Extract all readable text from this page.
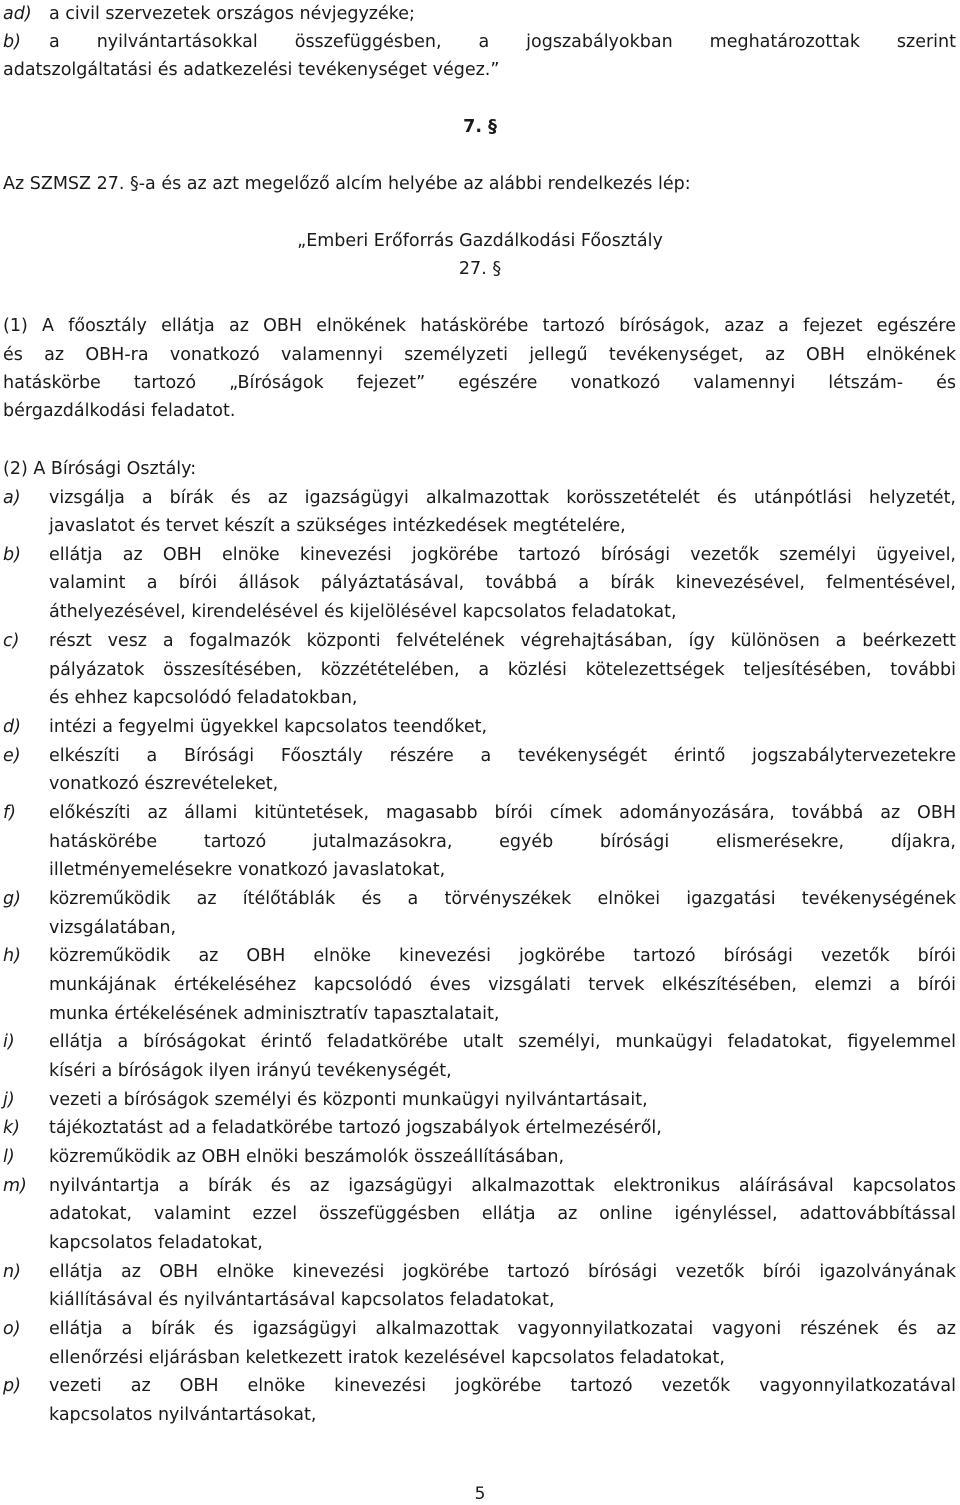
ad) a civil szervezetek országos névjegyzéke;
b) a nyilvántartásokkal összefüggésben, a jogszabályokban meghatározottak szerint
adatszolgáltatási és adatkezelési tevékenységet végez.”
7. §
Az SZMSZ 27. §-a és az azt megelőző alcím helyébe az alábbi rendelkezés lép:
„Emberi Erőforrás Gazdálkodási Főosztály
27. §
(1) A főosztály ellátja az OBH elnökének hatáskörébe tartozó bíróságok, azaz a fejezet egészére
és az OBH-ra vonatkozó valamennyi személyzeti jellegű tevékenységet, az OBH elnökének
hatáskörbe tartozó „Bíróságok fejezet” egészére vonatkozó valamennyi létszám- és
bérgazdálkodási feladatot.
(2) A Bírósági Osztály:
a) vizsgálja a bírák és az igazságügyi alkalmazottak korösszetételét és utánpótlási helyzetét,
javaslatot és tervet készít a szükséges intézkedések megtételére,
b) ellátja az OBH elnöke kinevezési jogkörébe tartozó bírósági vezetők személyi ügyeivel,
valamint a bírói állások pályáztatásával, továbbá a bírák kinevezésével, felmentésével,
áthelyezésével, kirendelésével és kijelölésével kapcsolatos feladatokat,
c) részt vesz a fogalmazók központi felvételének végrehajtásában, így különösen a beérkezett
pályázatok összesítésében, közzétételében, a közlési kötelezettségek teljesítésében, további
és ehhez kapcsolódó feladatokban,
d) intézi a fegyelmi ügyekkel kapcsolatos teendőket,
e) elkészíti a Bírósági Főosztály részére a tevékenységét érintő jogszabálytervezetekre
vonatkozó észrevételeket,
f) előkészíti az állami kitüntetések, magasabb bírói címek adományozására, továbbá az OBH
hatáskörébe tartozó jutalmazásokra, egyéb bírósági elismerésekre, díjakra,
illetményemelésekre vonatkozó javaslatokat,
g) közreműködik az ítélőtáblák és a törvényszékek elnökei igazgatási tevékenységének
vizsgálatában,
h) közreműködik az OBH elnöke kinevezési jogkörébe tartozó bírósági vezetők bírói
munkájának értékeléséhez kapcsolódó éves vizsgálati tervek elkészítésében, elemzi a bírói
munka értékelésének adminisztratív tapasztalatait,
i) ellátja a bíróságokat érintő feladatkörébe utalt személyi, munkaügyi feladatokat, figyelemmel
kíséri a bíróságok ilyen irányú tevékenységét,
j) vezeti a bíróságok személyi és központi munkaügyi nyilvántartásait,
k) tájékoztatást ad a feladatkörébe tartozó jogszabályok értelmezéséről,
l) közreműködik az OBH elnöki beszámolók összeállításában,
m) nyilvántartja a bírák és az igazságügyi alkalmazottak elektronikus aláírásával kapcsolatos
adatokat, valamint ezzel összefüggésben ellátja az online igényléssel, adattovábbítással
kapcsolatos feladatokat,
n) ellátja az OBH elnöke kinevezési jogkörébe tartozó bírósági vezetők bírói igazolványának
kiállításával és nyilvántartásával kapcsolatos feladatokat,
o) ellátja a bírák és igazságügyi alkalmazottak vagyonnyilatkozatai vagyoni részének és az
ellenőrzési eljárásban keletkezett iratok kezelésével kapcsolatos feladatokat,
p) vezeti az OBH elnöke kinevezési jogkörébe tartozó vezetők vagyonnyilatkozatával
kapcsolatos nyilvántartásokat,
5
